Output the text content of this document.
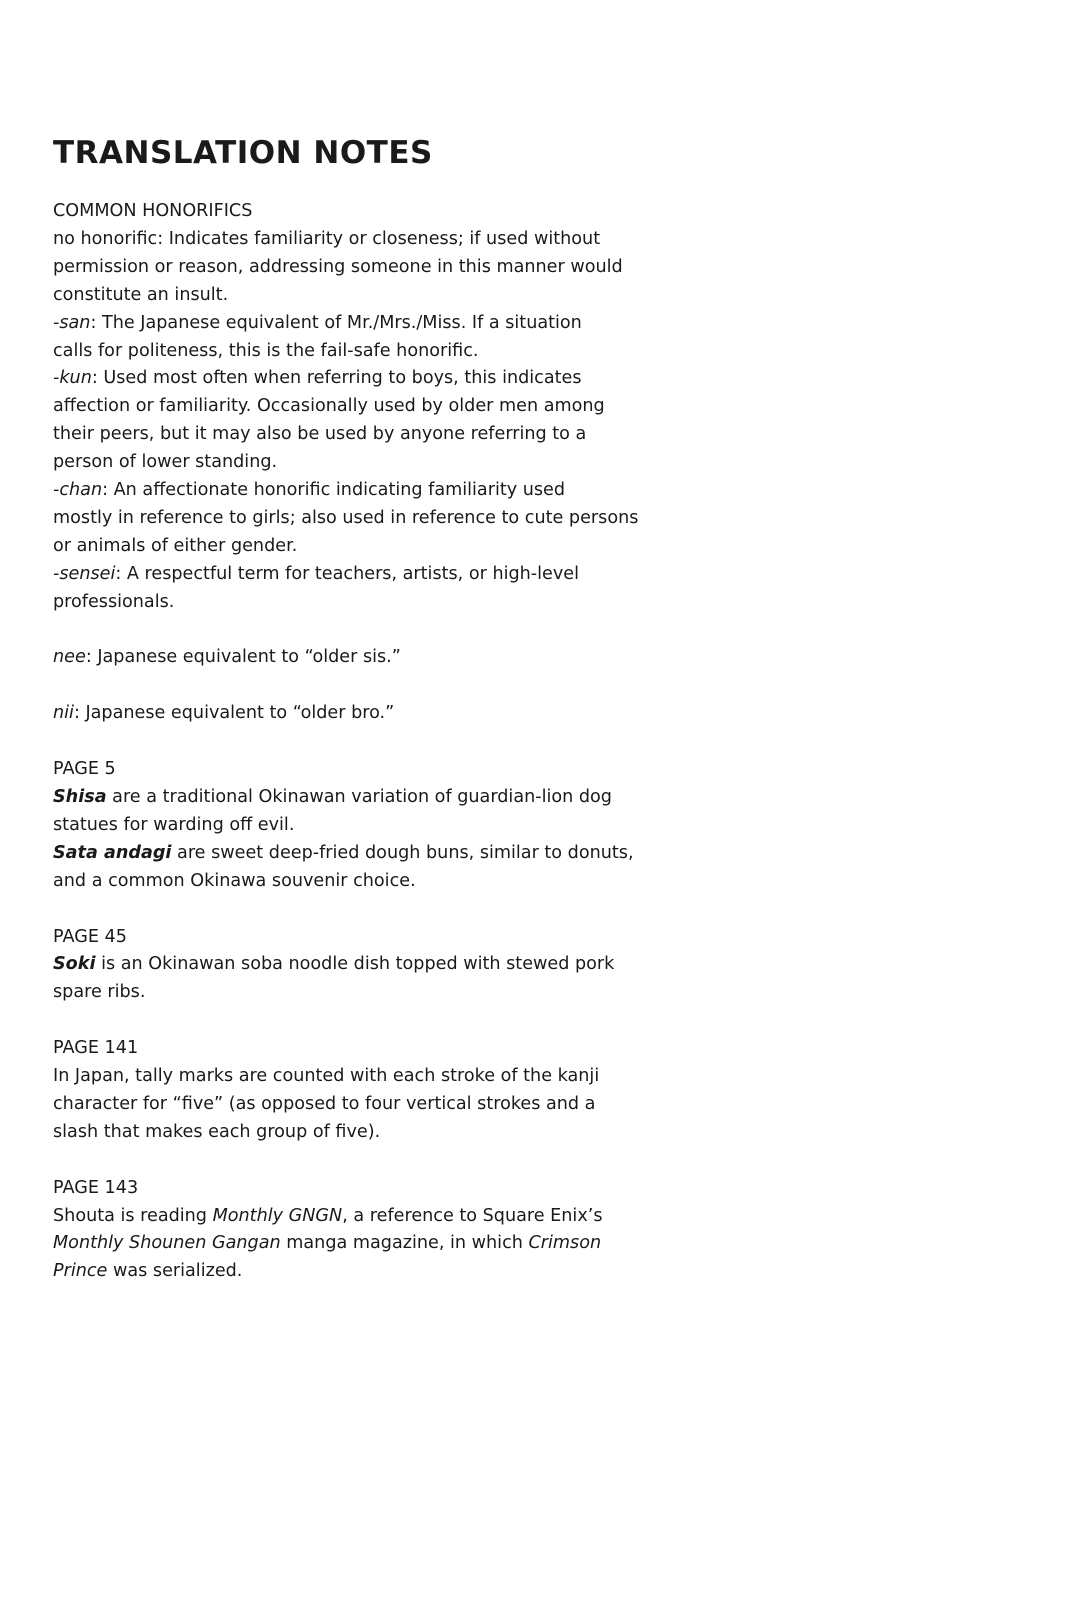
TRANSLATION NOTES

COMMON HONORIFICS
no honorific: Indicates familiarity or closeness; if used without
permission or reason, addressing someone in this manner would
constitute an insult.
-san: The Japanese equivalent of Mr./Mrs./Miss. If a situation
calls for politeness, this is the fail-safe honorific.
-kun: Used most often when referring to boys, this indicates
affection or familiarity. Occasionally used by older men among
their peers, but it may also be used by anyone referring to a
person of lower standing.
-chan: An affectionate honorific indicating familiarity used
mostly in reference to girls; also used in reference to cute persons
or animals of either gender.
-sensei: A respectful term for teachers, artists, or high-level
professionals.

nee: Japanese equivalent to “older sis.”

nii: Japanese equivalent to “older bro.”

PAGE 5
Shisa are a traditional Okinawan variation of guardian-lion dog
statues for warding off evil.
Sata andagi are sweet deep-fried dough buns, similar to donuts,
and a common Okinawa souvenir choice.

PAGE 45
Soki is an Okinawan soba noodle dish topped with stewed pork
spare ribs.

PAGE 141
In Japan, tally marks are counted with each stroke of the kanji
character for “five” (as opposed to four vertical strokes and a
slash that makes each group of five).

PAGE 143
Shouta is reading Monthly GNGN, a reference to Square Enix’s
Monthly Shounen Gangan manga magazine, in which Crimson
Prince was serialized.
